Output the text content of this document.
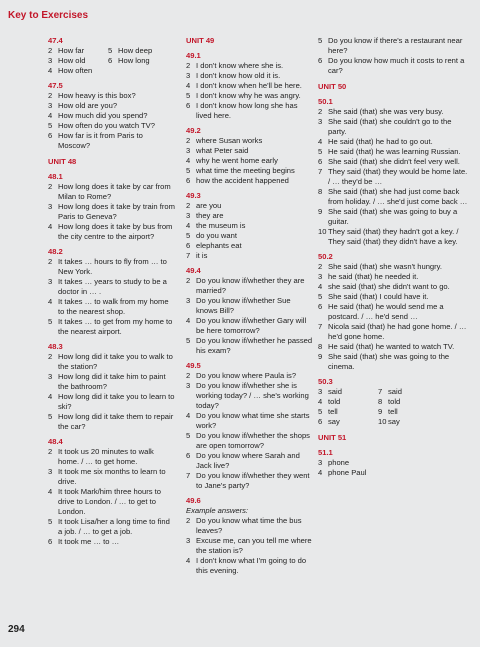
Key to Exercises
47.4
2 How far	5 How deep
3 How old	6 How long
4 How often
47.5
2 How heavy is this box?
3 How old are you?
4 How much did you spend?
5 How often do you watch TV?
6 How far is it from Paris to Moscow?
UNIT 48
48.1
2 How long does it take by car from Milan to Rome?
3 How long does it take by train from Paris to Geneva?
4 How long does it take by bus from the city centre to the airport?
48.2
2 It takes … hours to fly from … to New York.
3 It takes … years to study to be a doctor in … .
4 It takes … to walk from my home to the nearest shop.
5 It takes … to get from my home to the nearest airport.
48.3
2 How long did it take you to walk to the station?
3 How long did it take him to paint the bathroom?
4 How long did it take you to learn to ski?
5 How long did it take them to repair the car?
48.4
2 It took us 20 minutes to walk home. / … to get home.
3 It took me six months to learn to drive.
4 It took Mark/him three hours to drive to London. / … to get to London.
5 It took Lisa/her a long time to find a job. / … to get a job.
6 It took me … to …
UNIT 49
49.1
2 I don't know where she is.
3 I don't know how old it is.
4 I don't know when he'll be here.
5 I don't know why he was angry.
6 I don't know how long she has lived here.
49.2
2 where Susan works
3 what Peter said
4 why he went home early
5 what time the meeting begins
6 how the accident happened
49.3
2 are you
3 they are
4 the museum is
5 do you want
6 elephants eat
7 it is
49.4
2 Do you know if/whether they are married?
3 Do you know if/whether Sue knows Bill?
4 Do you know if/whether Gary will be here tomorrow?
5 Do you know if/whether he passed his exam?
49.5
2 Do you know where Paula is?
3 Do you know if/whether she is working today? / … she's working today?
4 Do you know what time she starts work?
5 Do you know if/whether the shops are open tomorrow?
6 Do you know where Sarah and Jack live?
7 Do you know if/whether they went to Jane's party?
49.6
Example answers:
2 Do you know what time the bus leaves?
3 Excuse me, can you tell me where the station is?
4 I don't know what I'm going to do this evening.
5 Do you know if there's a restaurant near here?
6 Do you know how much it costs to rent a car?
UNIT 50
50.1
2 She said (that) she was very busy.
3 She said (that) she couldn't go to the party.
4 He said (that) he had to go out.
5 He said (that) he was learning Russian.
6 She said (that) she didn't feel very well.
7 They said (that) they would be home late. / … they'd be …
8 She said (that) she had just come back from holiday. / … she'd just come back …
9 She said (that) she was going to buy a guitar.
10 They said (that) they hadn't got a key. / They said (that) they didn't have a key.
50.2
2 She said (that) she wasn't hungry.
3 he said (that) he needed it.
4 she said (that) she didn't want to go.
5 She said (that) I could have it.
6 He said (that) he would send me a postcard. / … he'd send …
7 Nicola said (that) he had gone home. / … he'd gone home.
8 He said (that) he wanted to watch TV.
9 She said (that) she was going to the cinema.
50.3
3 said	7 said
4 told	8 told
5 tell	9 tell
6 say	10 say
UNIT 51
51.1
3 phone
4 phone Paul
294
